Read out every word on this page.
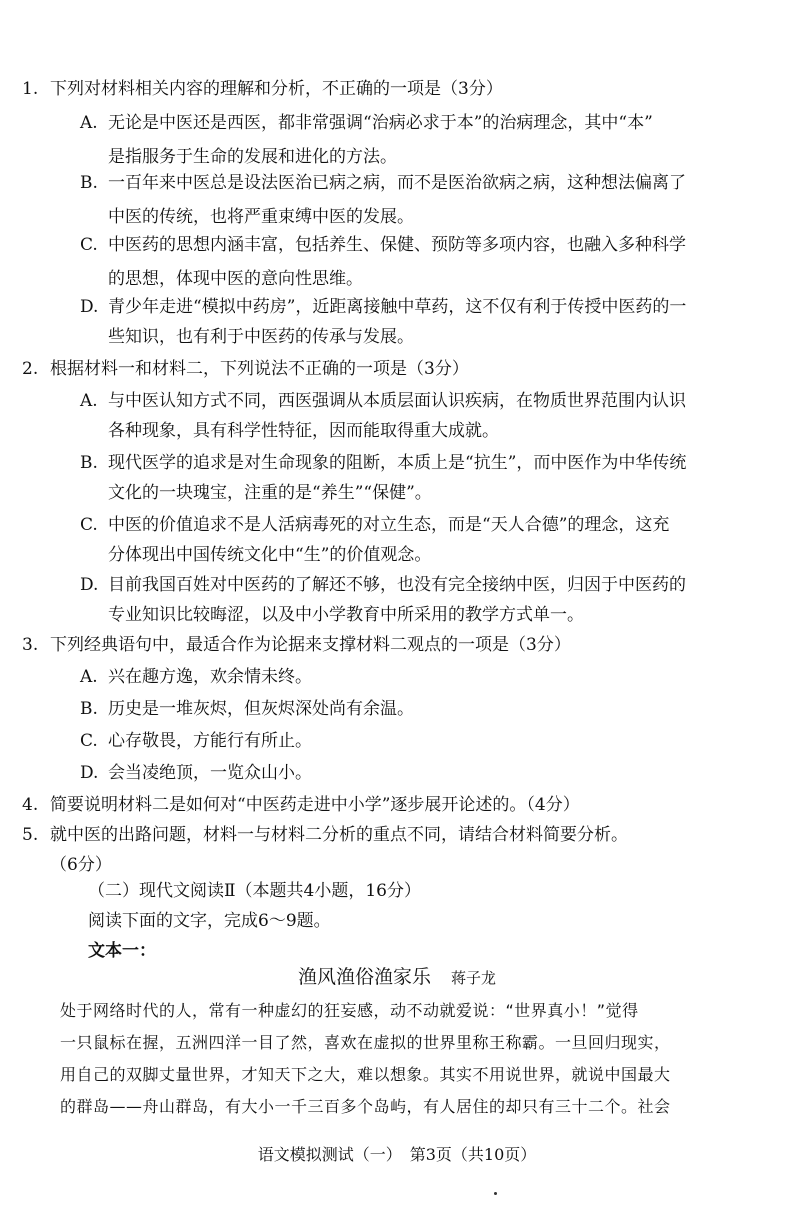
1. 下列对材料相关内容的理解和分析，不正确的一项是（3分）
A. 无论是中医还是西医，都非常强调“治病必求于本”的治病理念，其中“本”
是指服务于生命的发展和进化的方法。
B. 一百年来中医总是设法医治已病之病，而不是医治欲病之病，这种想法偏离了
中医的传统，也将严重束缚中医的发展。
C. 中医药的思想内涵丰富，包括养生、保健、预防等多项内容，也融入多种科学
的思想，体现中医的意向性思维。
D. 青少年走进“模拟中药房”，近距离接触中草药，这不仅有利于传授中医药的一
些知识，也有利于中医药的传承与发展。
2. 根据材料一和材料二，下列说法不正确的一项是（3分）
A. 与中医认知方式不同，西医强调从本质层面认识疾病，在物质世界范围内认识
各种现象，具有科学性特征，因而能取得重大成就。
B. 现代医学的追求是对生命现象的阻断，本质上是“抗生”，而中医作为中华传统
文化的一块瑰宝，注重的是“养生”“保健”。
C. 中医的价值追求不是人活病毒死的对立生态，而是“天人合德”的理念，这充
分体现出中国传统文化中“生”的价值观念。
D. 目前我国百姓对中医药的了解还不够，也没有完全接纳中医，归因于中医药的
专业知识比较晦涩，以及中小学教育中所采用的教学方式单一。
3. 下列经典语句中，最适合作为论据来支撑材料二观点的一项是（3分）
A. 兴在趣方逸，欢余情未终。
B. 历史是一堆灰烬，但灰烬深处尚有余温。
C. 心存敬畏，方能行有所止。
D. 会当凌绝顶，一览众山小。
4. 简要说明材料二是如何对“中医药走进中小学”逐步展开论述的。（4分）
5. 就中医的出路问题，材料一与材料二分析的重点不同，请结合材料简要分析。
（6分）
（二）现代文阅读Ⅱ（本题共4小题，16分）
阅读下面的文字，完成6～9题。
文本一：
渔风渔俗渔家乐 蒋子龙
处于网络时代的人，常有一种虚幻的狂妄感，动不动就爱说：“世界真小！”觉得
一只鼠标在握，五洲四洋一目了然，喜欢在虚拟的世界里称王称霸。一旦回归现实，
用自己的双脚丈量世界，才知天下之大，难以想象。其实不用说世界，就说中国最大
的群岛——舟山群岛，有大小一千三百多个岛屿，有人居住的却只有三十二个。社会
语文模拟测试（一）　第3页（共10页）
